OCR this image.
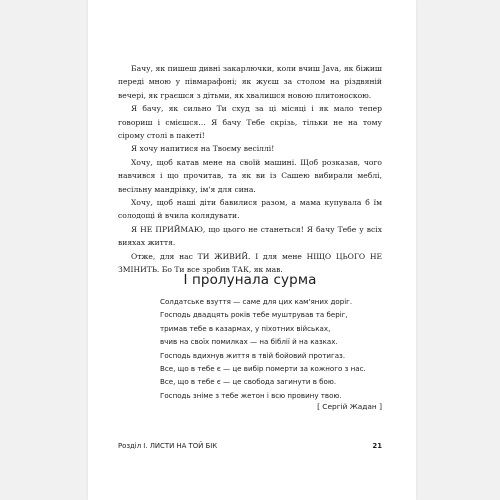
Бачу, як пишеш дивні закарлючки, коли вчиш Java, як біжиш переді мною у півмарафоні; як жуєш за столом на різдвяній вечері, як граєшся з дітьми, як хвалишся новою плитоноскою.

Я бачу, як сильно Ти схуд за ці місяці і як мало тепер говориш і смієшся… Я бачу Тебе скрізь, тільки не на тому сірому столі в пакеті!

Я хочу напитися на Твоєму весіллі!

Хочу, щоб катав мене на своїй машині. Щоб розказав, чого навчився і що прочитав, та як ви із Сашею вибирали меблі, весільну мандрівку, ім'я для сина.

Хочу, щоб наші діти бавилися разом, а мама купувала б їм солодощі й вчила колядувати.

Я НЕ ПРИЙМАЮ, що цього не станеться! Я бачу Тебе у всіх вияхах життя.

Отже, для нас ТИ ЖИВИЙ. І для мене НІЩО ЦЬОГО НЕ ЗМІНИТЬ. Бо Ти все зробив ТАК, як мав.

І пролунала сурма
Солдатське взуття — саме для цих кам'яних доріг.
Господь двадцять років тебе муштрував та беріг,
тримав тебе в казармах, у піхотних військах,
вчив на своїх помилках — на біблії й на казках.
Господь вдихнув життя в твій бойовий протигаз.
Все, що в тебе є — це вибір померти за кожного з нас.
Все, що в тебе є — це свобода загинути в бою.
Господь зніме з тебе жетон і всю провину твою.
[ Сергій Жадан ]
Розділ І. ЛИСТИ НА ТОЙ БІК	21
